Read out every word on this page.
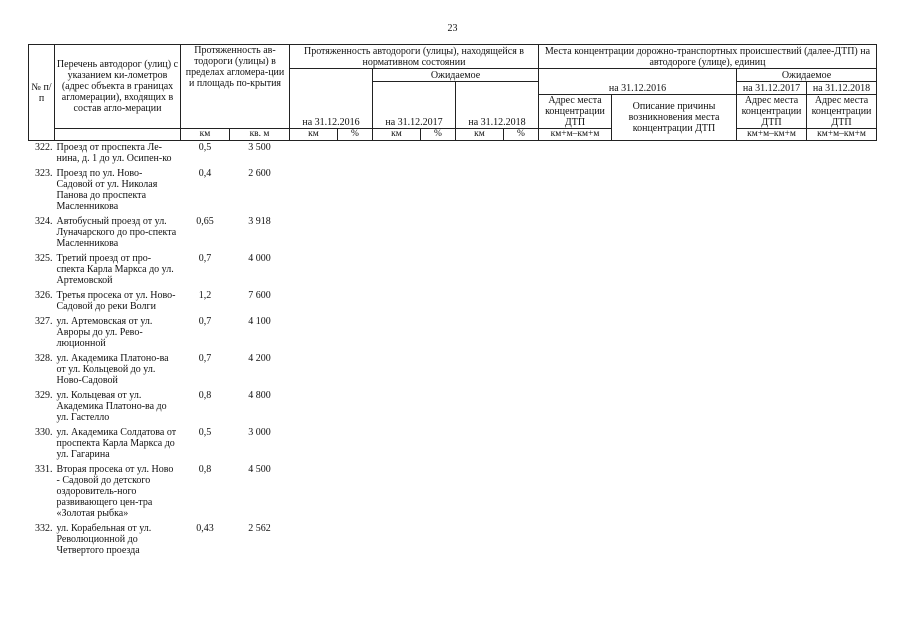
23
№ п/п	Перечень автодорог (улиц) с указанием ки-лометров (адрес объекта в границах агломерации), входящих в состав агло-мерации	Протяженность ав-тодороги (улицы) в пределах агломера-ции и площадь по-крытия		Протяженность автодороги (улицы), находящейся в нормативном состоянии						Места концентрации дорожно-транспортных происшествий (далее-ДТП) на автодороге (улице), единиц			
				на 31.12.2016		Ожидаемое				на 31.12.2016		Ожидаемое	
						на 31.12.2017		на 31.12.2018				на 31.12.2017	на 31.12.2018
										Адрес места концентрации ДТП	Описание причины возникновения места концентрации ДТП	Адрес места концентрации ДТП	Адрес места концентрации ДТП
		км	кв. м	км	%	км	%	км	%	км+м–км+м		км+м–км+м	км+м–км+м
322.	Проезд от проспекта Ле-нина, д. 1 до ул. Осипен-ко	0,5	3 500										
323.	Проезд по ул. Ново-Садовой от ул. Николая Панова до проспекта Масленникова	0,4	2 600										
324.	Автобусный проезд от ул. Луначарского до про-спекта Масленникова	0,65	3 918										
325.	Третий проезд от про-спекта Карла Маркса до ул. Артемовской	0,7	4 000										
326.	Третья просека от ул. Ново-Садовой до реки Волги	1,2	7 600										
327.	ул. Артемовская от ул. Авроры до ул. Рево-люционной	0,7	4 100										
328.	ул. Академика Платоно-ва от ул. Кольцевой до ул. Ново-Садовой	0,7	4 200										
329.	ул. Кольцевая от ул. Академика Платоно-ва до ул. Гастелло	0,8	4 800										
330.	ул. Академика Солдатова от проспекта Карла Маркса до ул. Гагарина	0,5	3 000										
331.	Вторая просека от ул. Ново - Садовой до детского оздоровитель-ного развивающего цен-тра «Золотая рыбка»	0,8	4 500										
332.	ул. Корабельная от ул. Революционной до Четвертого проезда	0,43	2 562										
